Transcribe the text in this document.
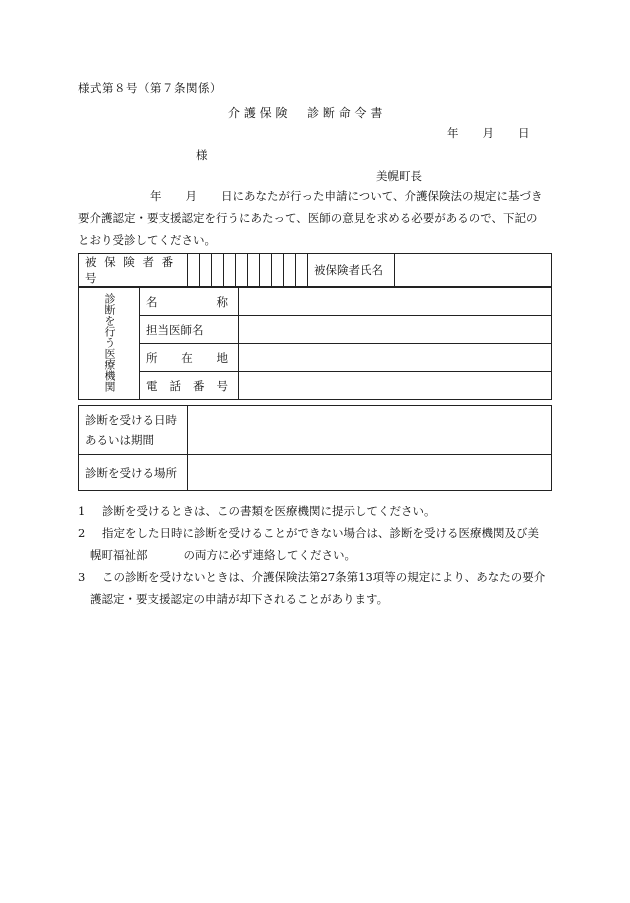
様式第８号（第７条関係）
介 護 保 険 　 診 断 命 令 書
年 月 日
様
美幌町長
年 月 日にあなたが行った申請について、介護保険法の規定に基づき
要介護認定・要支援認定を行うにあたって、医師の意見を求める必要があるので、下記の
とおり受診してください。
被 保 険 者 番 号											被保険者氏名	
診断を行う医療機関	名 称	

	担当医師名	

	所 在 地	

	電 話 番 号	

診断を受ける日時あるいは期間	
診断を受ける場所	
1	診断を受けるときは、この書類を医療機関に提示してください。
2	指定をした日時に診断を受けることができない場合は、診断を受ける医療機関及び美
幌町福祉部	の両方に必ず連絡してください。
3	この診断を受けないときは、介護保険法第27条第13項等の規定により、あなたの要介
護認定・要支援認定の申請が却下されることがあります。
